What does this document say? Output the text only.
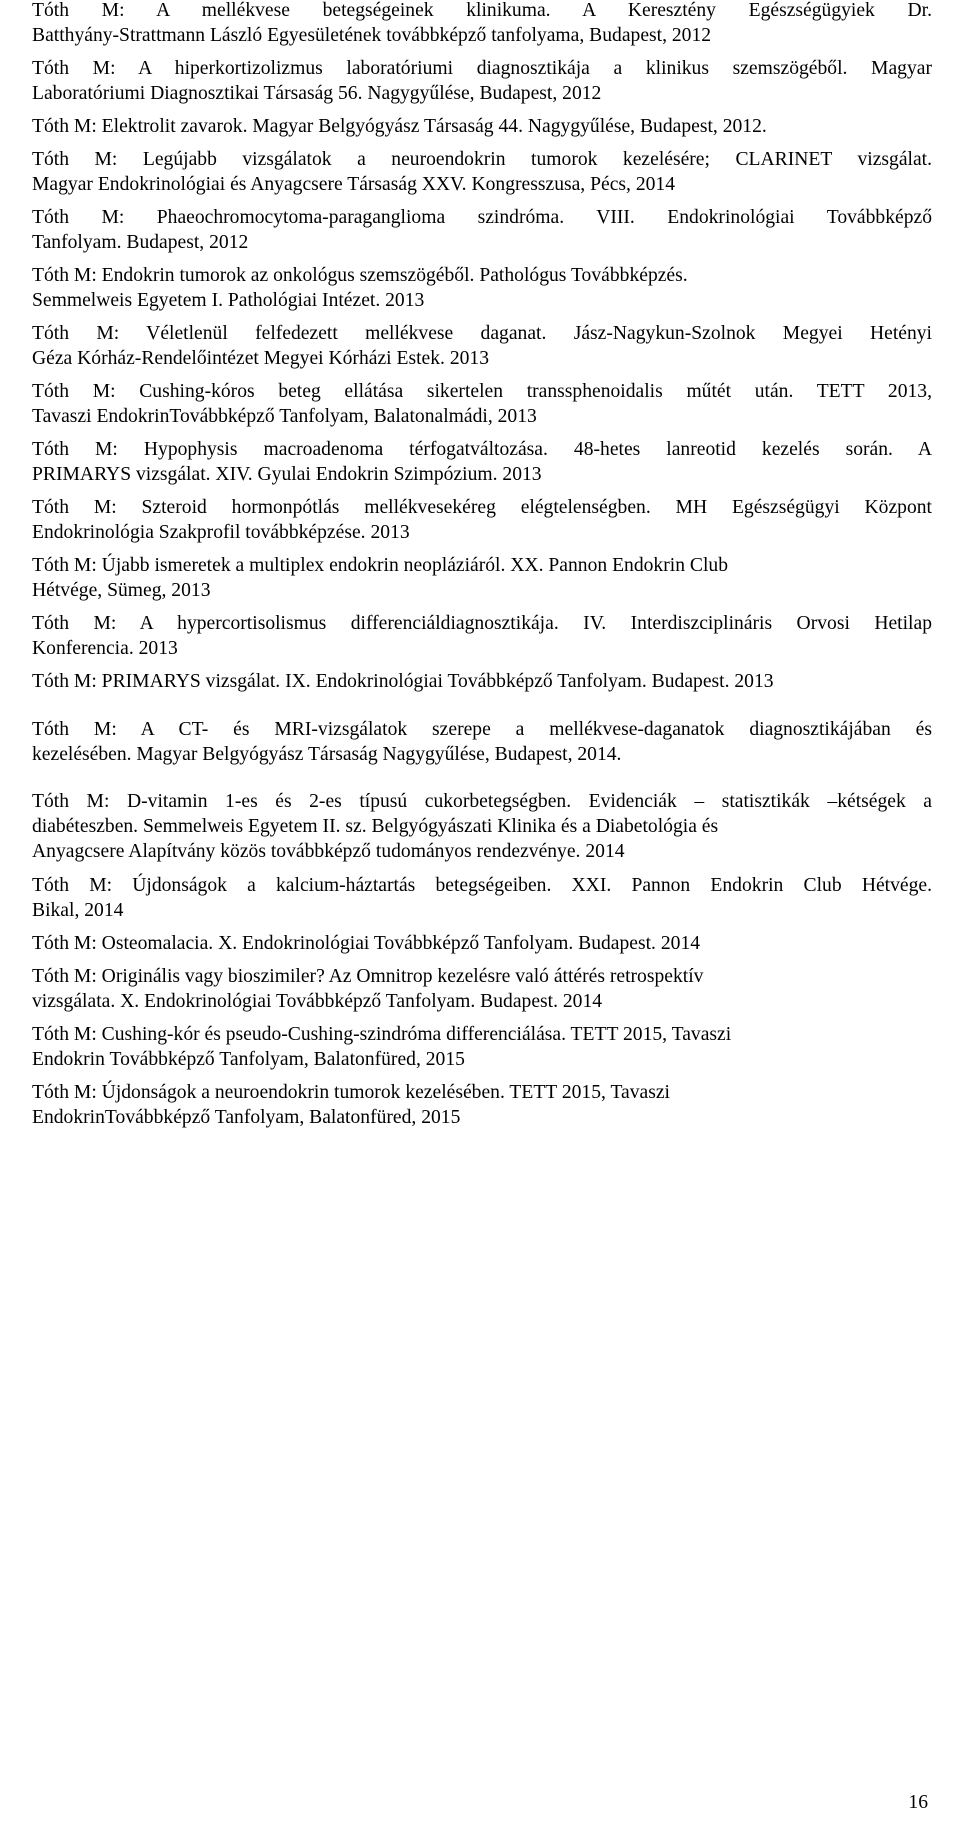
Tóth M: A mellékvese betegségeinek klinikuma. A Keresztény Egészségügyiek Dr.
Batthyány-Strattmann László Egyesületének továbbképző tanfolyama, Budapest, 2012

Tóth M: A hiperkortizolizmus laboratóriumi diagnosztikája a klinikus szemszögéből. Magyar
Laboratóriumi Diagnosztikai Társaság 56. Nagygyűlése, Budapest, 2012

Tóth M: Elektrolit zavarok. Magyar Belgyógyász Társaság 44. Nagygyűlése, Budapest, 2012.

Tóth M: Legújabb vizsgálatok a neuroendokrin tumorok kezelésére; CLARINET vizsgálat.
Magyar Endokrinológiai és Anyagcsere Társaság XXV. Kongresszusa, Pécs, 2014

Tóth M: Phaeochromocytoma-paraganglioma szindróma. VIII. Endokrinológiai Továbbképző
Tanfolyam. Budapest, 2012

Tóth M: Endokrin tumorok az onkológus szemszögéből. Pathológus Továbbképzés.
Semmelweis Egyetem I. Pathológiai Intézet. 2013

Tóth M: Véletlenül felfedezett mellékvese daganat. Jász-Nagykun-Szolnok Megyei Hetényi
Géza Kórház-Rendelőintézet Megyei Kórházi Estek. 2013

Tóth M: Cushing-kóros beteg ellátása sikertelen transsphenoidalis műtét után. TETT 2013,
Tavaszi EndokrinTovábbképző Tanfolyam, Balatonalmádi, 2013

Tóth M: Hypophysis macroadenoma térfogatváltozása. 48-hetes lanreotid kezelés során. A
PRIMARYS vizsgálat. XIV. Gyulai Endokrin Szimpózium. 2013

Tóth M: Szteroid hormonpótlás mellékvesekéreg elégtelenségben. MH Egészségügyi Központ
Endokrinológia Szakprofil továbbképzése. 2013

Tóth M: Újabb ismeretek a multiplex endokrin neopláziáról. XX. Pannon Endokrin Club
Hétvége, Sümeg, 2013

Tóth M: A hypercortisolismus differenciáldiagnosztikája. IV. Interdiszciplináris Orvosi Hetilap
Konferencia. 2013

Tóth M: PRIMARYS vizsgálat. IX. Endokrinológiai Továbbképző Tanfolyam. Budapest. 2013

Tóth M: A CT- és MRI-vizsgálatok szerepe a mellékvese-daganatok diagnosztikájában és
kezelésében. Magyar Belgyógyász Társaság Nagygyűlése, Budapest, 2014.

Tóth M: D-vitamin 1-es és 2-es típusú cukorbetegségben. Evidenciák – statisztikák –kétségek a
diabéteszben. Semmelweis Egyetem II. sz. Belgyógyászati Klinika és a Diabetológia és
Anyagcsere Alapítvány közös továbbképző tudományos rendezvénye. 2014

Tóth M: Újdonságok a kalcium-háztartás betegségeiben. XXI. Pannon Endokrin Club Hétvége.
Bikal, 2014

Tóth M: Osteomalacia. X. Endokrinológiai Továbbképző Tanfolyam. Budapest. 2014

Tóth M: Originális vagy bioszimiler? Az Omnitrop kezelésre való áttérés retrospektív
vizsgálata. X. Endokrinológiai Továbbképző Tanfolyam. Budapest. 2014

Tóth M: Cushing-kór és pseudo-Cushing-szindróma differenciálása. TETT 2015, Tavaszi
Endokrin Továbbképző Tanfolyam, Balatonfüred, 2015

Tóth M: Újdonságok a neuroendokrin tumorok kezelésében. TETT 2015, Tavaszi
EndokrinTovábbképző Tanfolyam, Balatonfüred, 2015

16
